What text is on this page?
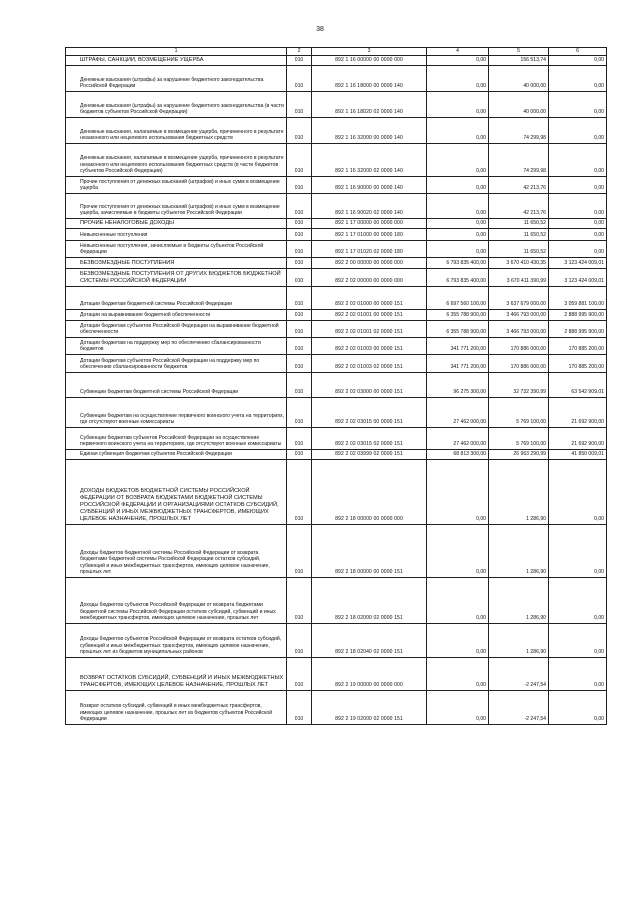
38
1	2	3	4	5	6
ШТРАФЫ, САНКЦИИ, ВОЗМЕЩЕНИЕ УЩЕРБА	010	892 1 16 00000 00 0000 000	0,00	156 513,74	0,00
Денежные взыскания (штрафы) за нарушение бюджетного законодательства Российской Федерации	010	892 1 16 18000 00 0000 140	0,00	40 000,00	0,00
Денежные взыскания (штрафы) за нарушение бюджетного законодательства (в части бюджетов субъектов Российской Федерации)	010	892 1 16 18020 02 0000 140	0,00	40 000,00	0,00
Денежные взыскания, налагаемые в возмещение ущерба, причиненного в результате незаконного или нецелевого использования бюджетных средств	010	892 1 16 32000 00 0000 140	0,00	74 299,98	0,00
Денежные взыскания, налагаемые в возмещение ущерба, причиненного в результате незаконного или нецелевого использования бюджетных средств (в части бюджетов субъектов Российской Федерации)	010	892 1 16 32000 02 0000 140	0,00	74 299,98	0,00
Прочие поступления от денежных взысканий (штрафов) и иных сумм в возмещение ущерба	010	892 1 16 90000 00 0000 140	0,00	42 213,76	0,00
Прочие поступления от денежных взысканий (штрафов) и иных сумм в возмещение ущерба, зачисляемые в бюджеты субъектов Российской Федерации	010	892 1 16 90020 02 0000 140	0,00	42 213,76	0,00
ПРОЧИЕ НЕНАЛОГОВЫЕ ДОХОДЫ	010	892 1 17 00000 00 0000 000	0,00	11 650,52	0,00
Невыясненные поступления	010	892 1 17 01000 00 0000 180	0,00	11 650,52	0,00
Невыясненные поступления, зачисляемые в бюджеты субъектов Российской Федерации	010	892 1 17 01020 02 0000 180	0,00	11 650,52	0,00
БЕЗВОЗМЕЗДНЫЕ ПОСТУПЛЕНИЯ	010	892 2 00 00000 00 0000 000	6 793 835 400,00	3 670 410 430,35	3 123 424 009,01
БЕЗВОЗМЕЗДНЫЕ ПОСТУПЛЕНИЯ ОТ ДРУГИХ БЮДЖЕТОВ БЮДЖЕТНОЙ СИСТЕМЫ РОССИЙСКОЙ ФЕДЕРАЦИИ	010	892 2 02 00000 00 0000 000	6 793 835 400,00	3 670 411 390,99	3 123 424 009,01
Дотации бюджетам бюджетной системы Российской Федерации	010	892 2 02 01000 00 0000 151	6 697 560 100,00	3 637 679 000,00	3 059 881 100,00
Дотации на выравнивание бюджетной обеспеченности	010	892 2 02 01001 00 0000 151	6 355 788 900,00	3 466 793 000,00	2 888 995 900,00
Дотации бюджетам субъектов Российской Федерации на выравнивание бюджетной обеспеченности	010	892 2 02 01001 02 0000 151	6 355 788 900,00	3 466 793 000,00	2 888 995 900,00
Дотации бюджетам на поддержку мер по обеспечению сбалансированности бюджетов	010	892 2 02 01003 00 0000 151	341 771 200,00	170 886 000,00	170 885 200,00
Дотации бюджетам субъектов Российской Федерации на поддержку мер по обеспечению сбалансированности бюджетов	010	892 2 02 01003 02 0000 151	341 771 200,00	170 886 000,00	170 885 200,00
Субвенции бюджетам бюджетной системы Российской Федерации	010	892 2 02 03000 00 0000 151	96 275 300,00	32 732 390,99	63 542 909,01
Субвенции бюджетам на осуществление первичного воинского учета на территориях, где отсутствуют военные комиссариаты	010	892 2 02 03015 00 0000 151	27 462 000,00	5 769 100,00	21 692 900,00
Субвенции бюджетам субъектов Российской Федерации на осуществление первичного воинского учета на территориях, где отсутствуют военные комиссариаты	010	892 2 02 03015 02 0000 151	27 462 000,00	5 769 100,00	21 692 900,00
Единая субвенция бюджетам субъектов Российской Федерации	010	892 2 02 03999 02 0000 151	68 813 300,00	26 963 290,99	41 850 009,01
ДОХОДЫ БЮДЖЕТОВ БЮДЖЕТНОЙ СИСТЕМЫ РОССИЙСКОЙ ФЕДЕРАЦИИ ОТ ВОЗВРАТА БЮДЖЕТАМИ БЮДЖЕТНОЙ СИСТЕМЫ РОССИЙСКОЙ ФЕДЕРАЦИИ И ОРГАНИЗАЦИЯМИ ОСТАТКОВ СУБСИДИЙ, СУБВЕНЦИЙ И ИНЫХ МЕЖБЮДЖЕТНЫХ ТРАНСФЕРТОВ, ИМЕЮЩИХ ЦЕЛЕВОЕ НАЗНАЧЕНИЕ, ПРОШЛЫХ ЛЕТ	010	892 2 18 00000 00 0000 000	0,00	1 286,90	0,00
Доходы бюджетов бюджетной системы Российской Федерации от возврата бюджетами бюджетной системы Российской Федерации остатков субсидий, субвенций и иных межбюджетных трансфертов, имеющих целевое назначение, прошлых лет	010	892 2 18 00000 00 0000 151	0,00	1 286,90	0,00
Доходы бюджетов субъектов Российской Федерации от возврата бюджетами бюджетной системы Российской Федерации остатков субсидий, субвенций и иных межбюджетных трансфертов, имеющих целевое назначение, прошлых лет	010	892 2 18 02000 02 0000 151	0,00	1 286,90	0,00
Доходы бюджетов субъектов Российской Федерации от возврата остатков субсидий, субвенций и иных межбюджетных трансфертов, имеющих целевое назначение, прошлых лет из бюджетов муниципальных районов	010	892 2 18 02040 02 0000 151	0,00	1 286,90	0,00
ВОЗВРАТ ОСТАТКОВ СУБСИДИЙ, СУБВЕНЦИЙ И ИНЫХ МЕЖБЮДЖЕТНЫХ ТРАНСФЕРТОВ, ИМЕЮЩИХ ЦЕЛЕВОЕ НАЗНАЧЕНИЕ, ПРОШЛЫХ ЛЕТ	010	892 2 19 00000 00 0000 000	0,00	-2 247,54	0,00
Возврат остатков субсидий, субвенций и иных межбюджетных трансфертов, имеющих целевое назначение, прошлых лет из бюджетов субъектов Российской Федерации	010	892 2 19 02000 02 0000 151	0,00	-2 247,54	0,00
